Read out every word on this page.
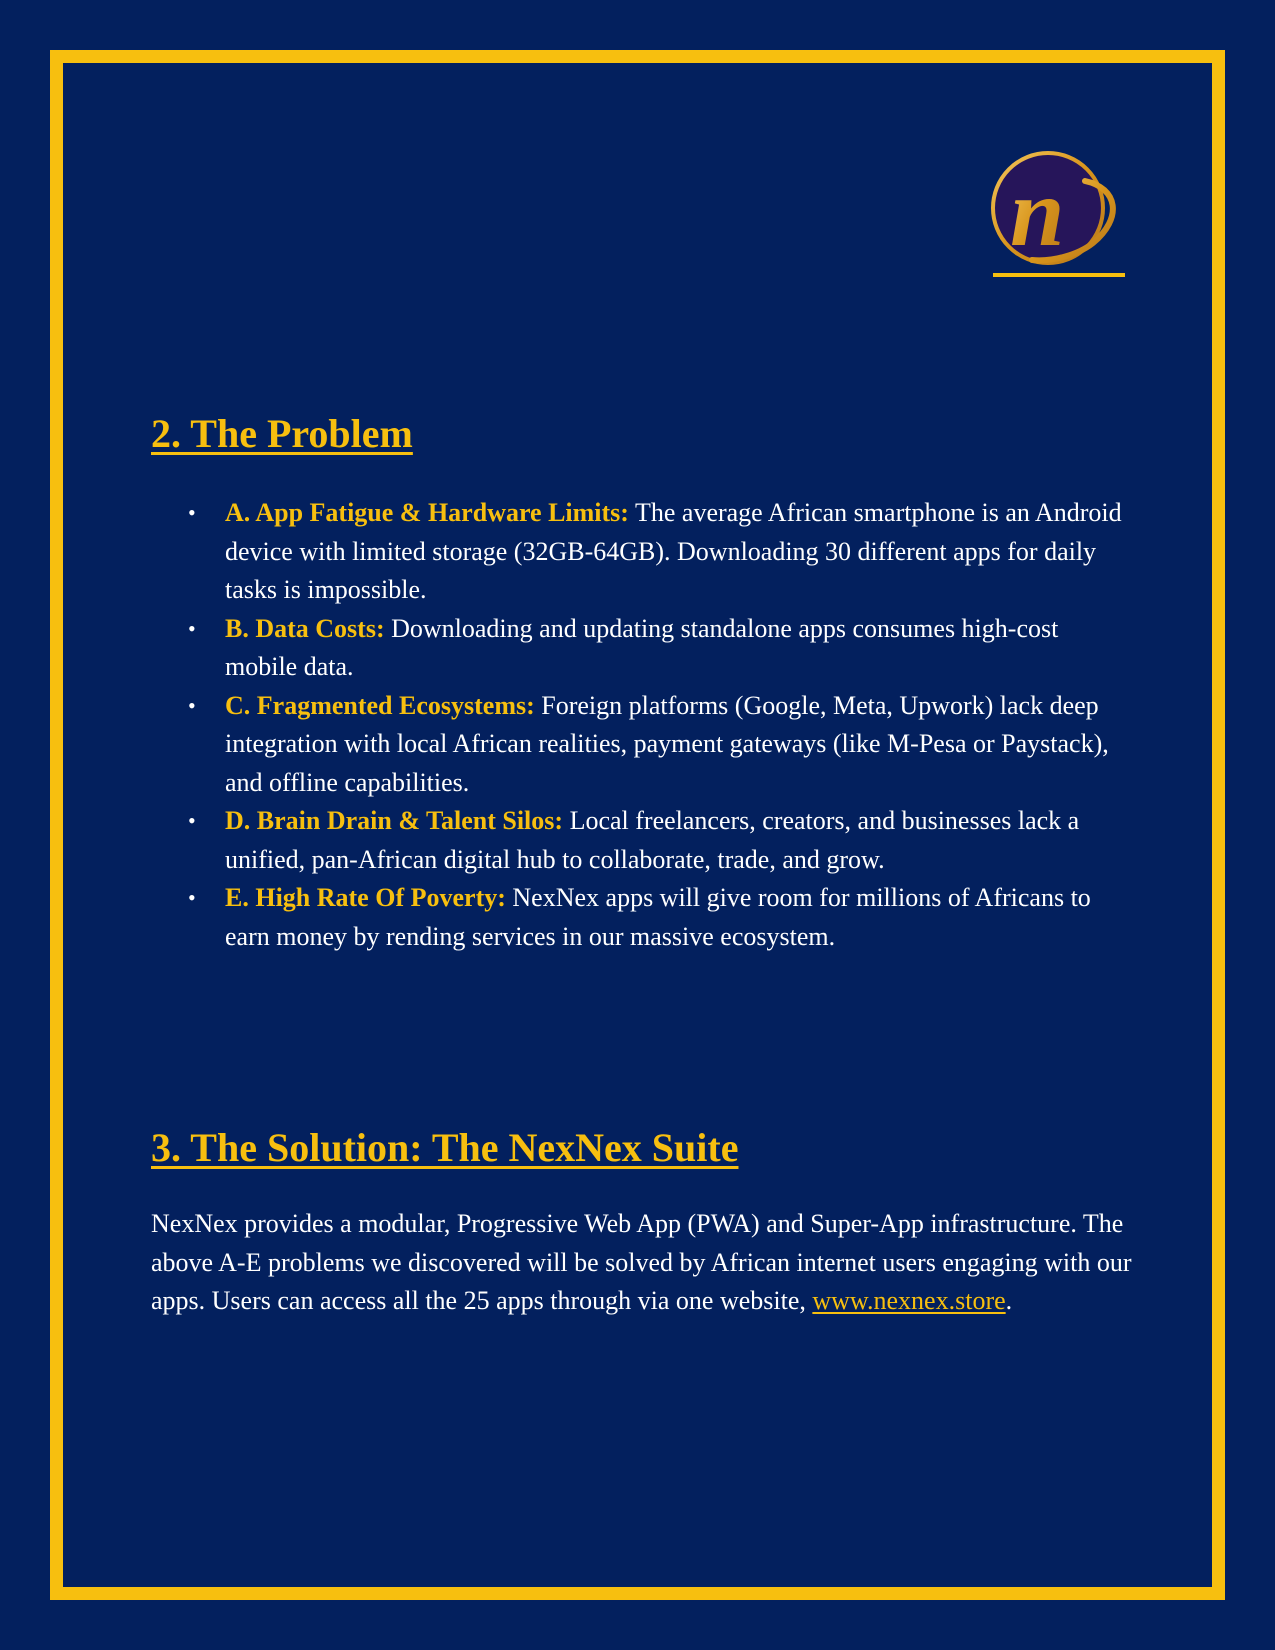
n
2. The Problem
• A. App Fatigue & Hardware Limits: The average African smartphone is an Android device with limited storage (32GB-64GB). Downloading 30 different apps for daily tasks is impossible.
• B. Data Costs: Downloading and updating standalone apps consumes high-cost mobile data.
• C. Fragmented Ecosystems: Foreign platforms (Google, Meta, Upwork) lack deep integration with local African realities, payment gateways (like M-Pesa or Paystack), and offline capabilities.
• D. Brain Drain & Talent Silos: Local freelancers, creators, and businesses lack a unified, pan-African digital hub to collaborate, trade, and grow.
• E. High Rate Of Poverty: NexNex apps will give room for millions of Africans to earn money by rending services in our massive ecosystem.
3. The Solution: The NexNex Suite

NexNex provides a modular, Progressive Web App (PWA) and Super-App infrastructure. The above A-E problems we discovered will be solved by African internet users engaging with our apps. Users can access all the 25 apps through via one website, www.nexnex.store.
